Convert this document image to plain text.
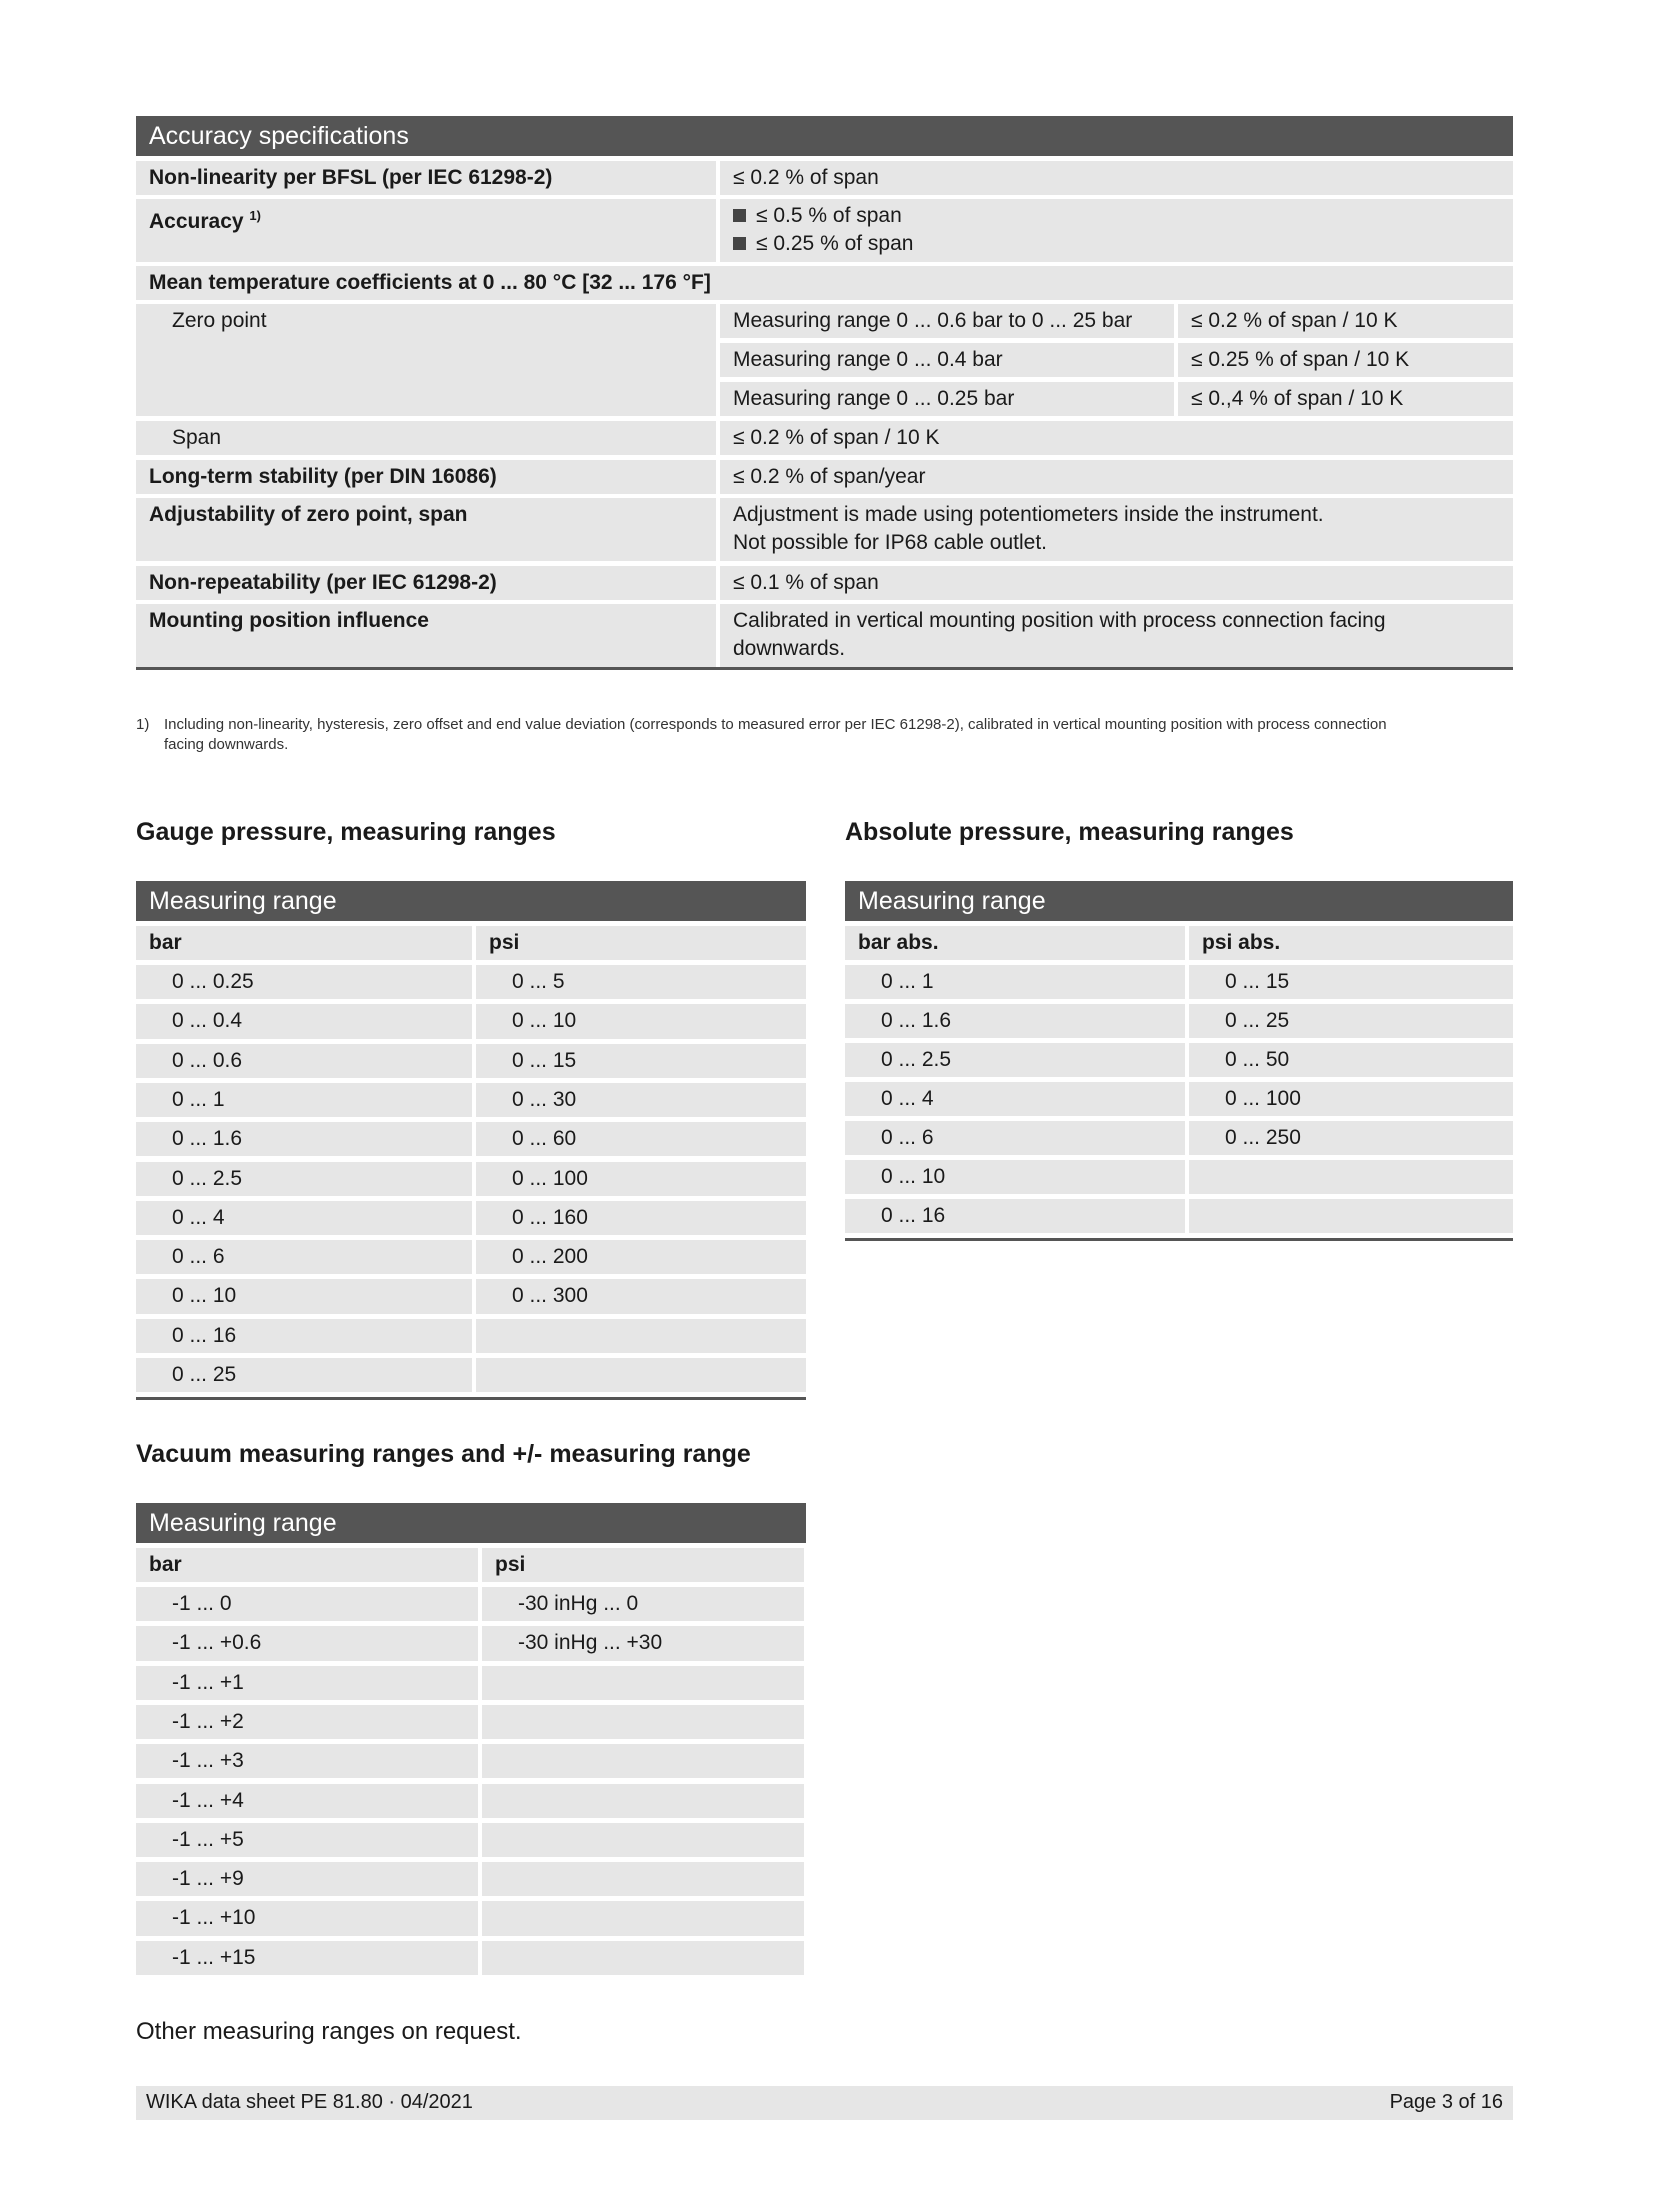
Accuracy specifications
Non-linearity per BFSL (per IEC 61298-2)	≤ 0.2 % of span
Accuracy $^{1)}$	≤ 0.5 % of span
≤ 0.25 % of span
Mean temperature coefficients at 0 ... 80 °C [32 ... 176 °F]
Zero point	Measuring range 0 ... 0.6 bar to 0 ... 25 bar	≤ 0.2 % of span / 10 K
Measuring range 0 ... 0.4 bar	≤ 0.25 % of span / 10 K
Measuring range 0 ... 0.25 bar	≤ 0.,4 % of span / 10 K
Span	≤ 0.2 % of span / 10 K
Long-term stability (per DIN 16086)	≤ 0.2 % of span/year
Adjustability of zero point, span	Adjustment is made using potentiometers inside the instrument.
Not possible for IP68 cable outlet.
Non-repeatability (per IEC 61298-2)	≤ 0.1 % of span
Mounting position influence	Calibrated in vertical mounting position with process connection facing
downwards.
1) Including non-linearity, hysteresis, zero offset and end value deviation (corresponds to measured error per IEC 61298-2), calibrated in vertical mounting position with process connection
facing downwards.
Gauge pressure, measuring ranges	Absolute pressure, measuring ranges
Vacuum measuring ranges and +/- measuring range
Measuring range
bar	psi
0 ... 0.25	0 ... 5
0 ... 0.4	0 ... 10
0 ... 0.6	0 ... 15
0 ... 1	0 ... 30
0 ... 1.6	0 ... 60
0 ... 2.5	0 ... 100
0 ... 4	0 ... 160
0 ... 6	0 ... 200
0 ... 10	0 ... 300
0 ... 16
0 ... 25
Measuring range
bar abs.	psi abs.
0 ... 1	0 ... 15
0 ... 1.6	0 ... 25
0 ... 2.5	0 ... 50
0 ... 4	0 ... 100
0 ... 6	0 ... 250
0 ... 10
0 ... 16
Measuring range
bar	psi
-1 ... 0	-30 inHg ... 0
-1 ... +0.6	-30 inHg ... +30
-1 ... +1
-1 ... +2
-1 ... +3
-1 ... +4
-1 ... +5
-1 ... +9
-1 ... +10
-1 ... +15
Other measuring ranges on request.
WIKA data sheet PE 81.80 · 04/2021	Page 3 of 16
